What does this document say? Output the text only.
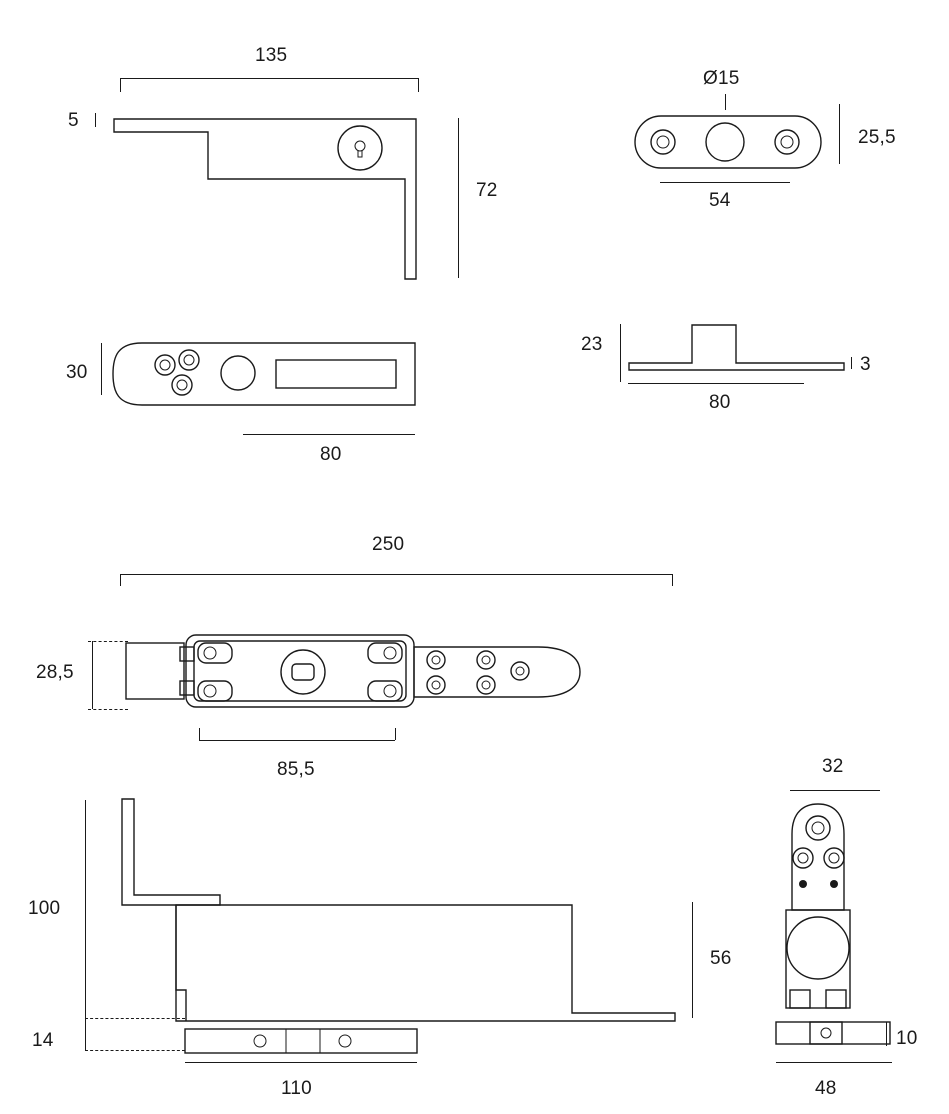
135
5
72
Ø15
25,5
54
30
80
23
3
80
250
28,5
85,5
100
14
56
110
32
10
48
